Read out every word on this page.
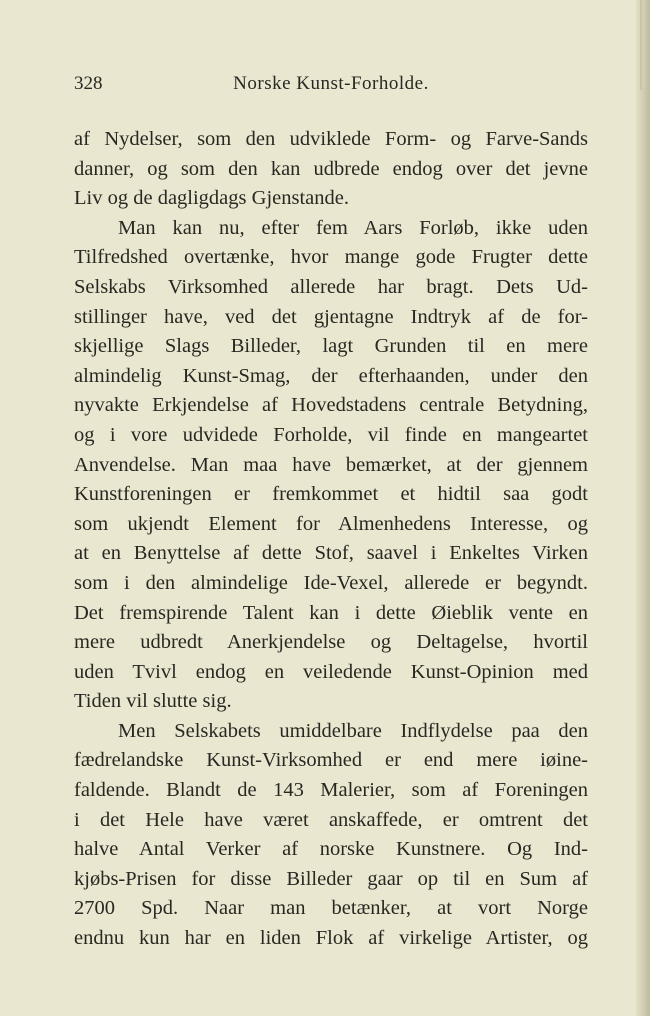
328	Norske Kunst-Forholde.
af Nydelser, som den udviklede Form- og Farve-Sands
danner, og som den kan udbrede endog over det jevne
Liv og de dagligdags Gjenstande.
Man kan nu, efter fem Aars Forløb, ikke uden
Tilfredshed overtænke, hvor mange gode Frugter dette
Selskabs Virksomhed allerede har bragt. Dets Ud-
stillinger have, ved det gjentagne Indtryk af de for-
skjellige Slags Billeder, lagt Grunden til en mere
almindelig Kunst-Smag, der efterhaanden, under den
nyvakte Erkjendelse af Hovedstadens centrale Betydning,
og i vore udvidede Forholde, vil finde en mangeartet
Anvendelse. Man maa have bemærket, at der gjennem
Kunstforeningen er fremkommet et hidtil saa godt
som ukjendt Element for Almenhedens Interesse, og
at en Benyttelse af dette Stof, saavel i Enkeltes Virken
som i den almindelige Ide-Vexel, allerede er begyndt.
Det fremspirende Talent kan i dette Øieblik vente en
mere udbredt Anerkjendelse og Deltagelse, hvortil
uden Tvivl endog en veiledende Kunst-Opinion med
Tiden vil slutte sig.
Men Selskabets umiddelbare Indflydelse paa den
fædrelandske Kunst-Virksomhed er end mere iøine-
faldende. Blandt de 143 Malerier, som af Foreningen
i det Hele have været anskaffede, er omtrent det
halve Antal Verker af norske Kunstnere. Og Ind-
kjøbs-Prisen for disse Billeder gaar op til en Sum af
2700 Spd. Naar man betænker, at vort Norge
endnu kun har en liden Flok af virkelige Artister, og
